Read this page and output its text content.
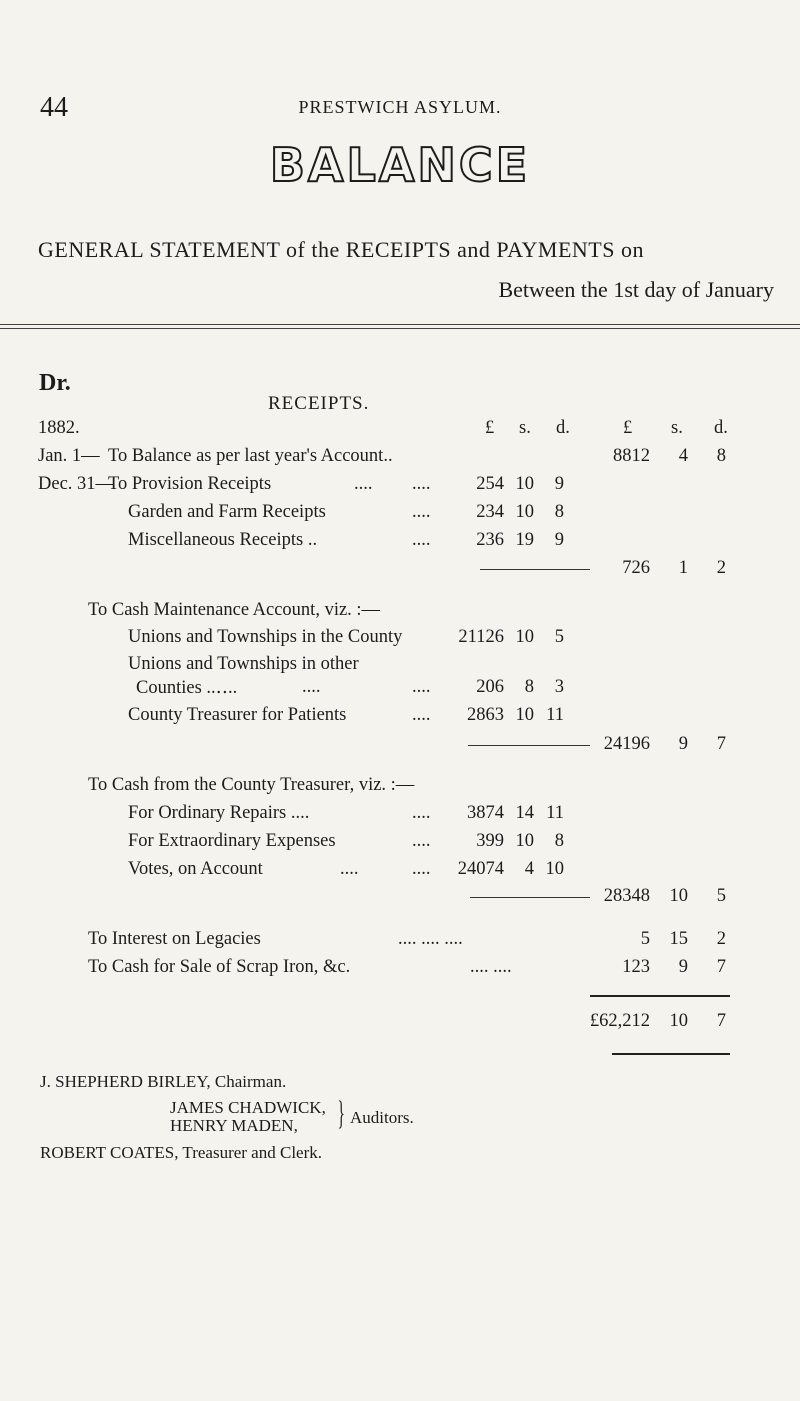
44	PRESTWICH ASYLUM.
BALANCE
GENERAL STATEMENT of the RECEIPTS and PAYMENTS on
Between the 1st day of January
Dr.
RECEIPTS.
1882.	£ s. d.	£ s. d.
Jan. 1— To Balance as per last year's Account..	8812	4	8
Dec. 31—
To Provision Receipts	.... ....	254 10	9
Garden and Farm Receipts	....	234 10	8
Miscellaneous Receipts ..	....	236 19	9
726	1	2
To Cash Maintenance Account, viz. :—
Unions and Townships in the County	21126 10	5
Unions and Townships in other
Counties ..‥..	....	....	206	8	3
County Treasurer for Patients	....	2863 10 11
24196	9	7
To Cash from the County Treasurer, viz. :—
For Ordinary Repairs ....	....	3874 14 11
For Extraordinary Expenses	....	399 10	8
Votes, on Account	....	....	24074	4 10
28348	10	5
To Interest on Legacies	.... .... ....	5	15	2
To Cash for Sale of Scrap Iron, &c.	.... ....	123	9	7
£62,212	10	7
J. SHEPHERD BIRLEY, Chairman.
JAMES CHADWICK,
HENRY MADEN, } Auditors.
ROBERT COATES, Treasurer and Clerk.
